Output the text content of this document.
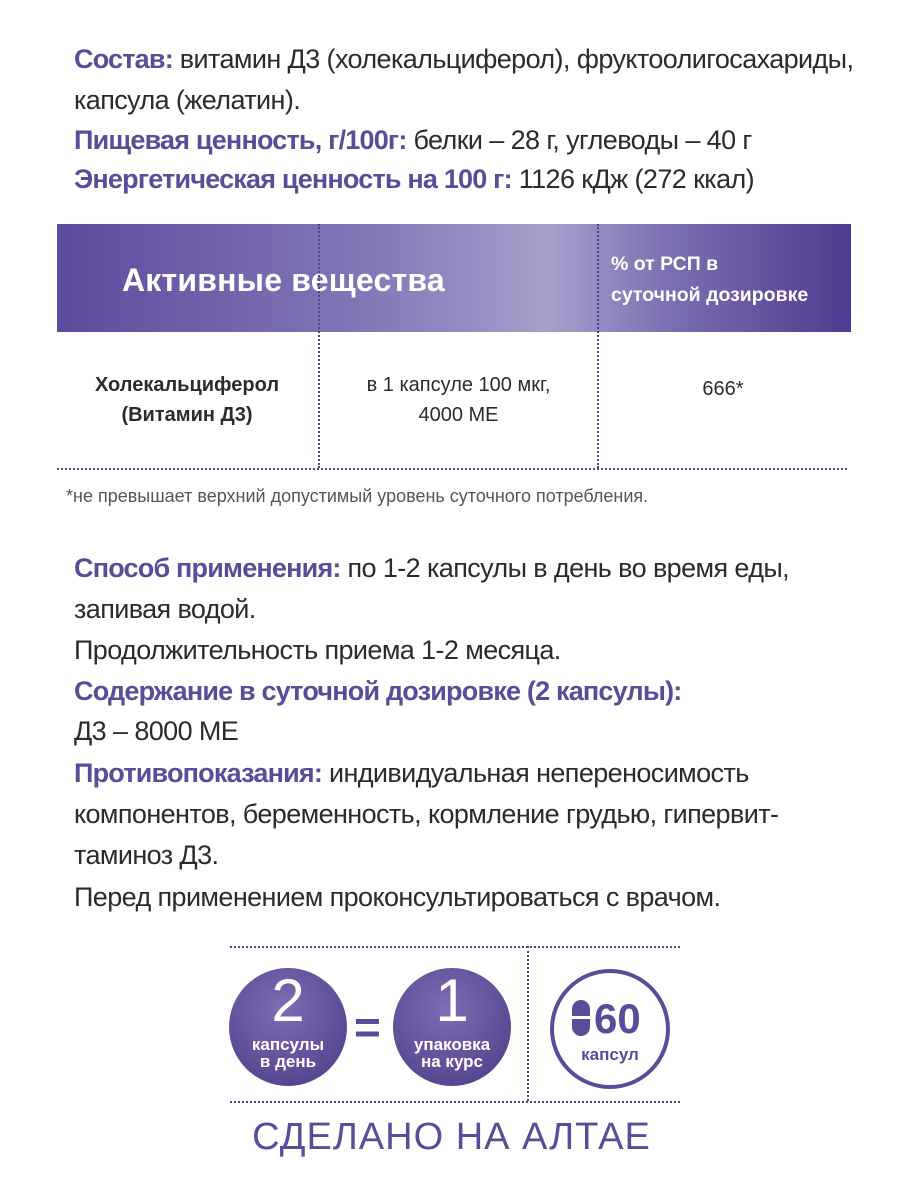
Состав: витамин Д3 (холекальциферол), фруктоолигосахариды,
капсула (желатин).
Пищевая ценность, г/100г: белки – 28 г, углеводы – 40 г
Энергетическая ценность на 100 г: 1126 кДж (272 ккал)
Активные вещества	% от РСП в
суточной дозировке
Холекальциферол
(Витамин Д3)
в 1 капсуле 100 мкг,
4000 МЕ
666*
*не превышает верхний допустимый уровень суточного потребления.
Способ применения: по 1-2 капсулы в день во время еды,
запивая водой.
Продолжительность приема 1-2 месяца.
Содержание в суточной дозировке (2 капсулы):
Д3 – 8000 МЕ
Противопоказания: индивидуальная непереносимость
компонентов, беременность, кормление грудью, гипервит-
таминоз Д3.
Перед применением проконсультироваться с врачом.
2
капсулы
в день
= 1
упаковка
на курс
60
капсул
СДЕЛАНО НА АЛТАЕ
